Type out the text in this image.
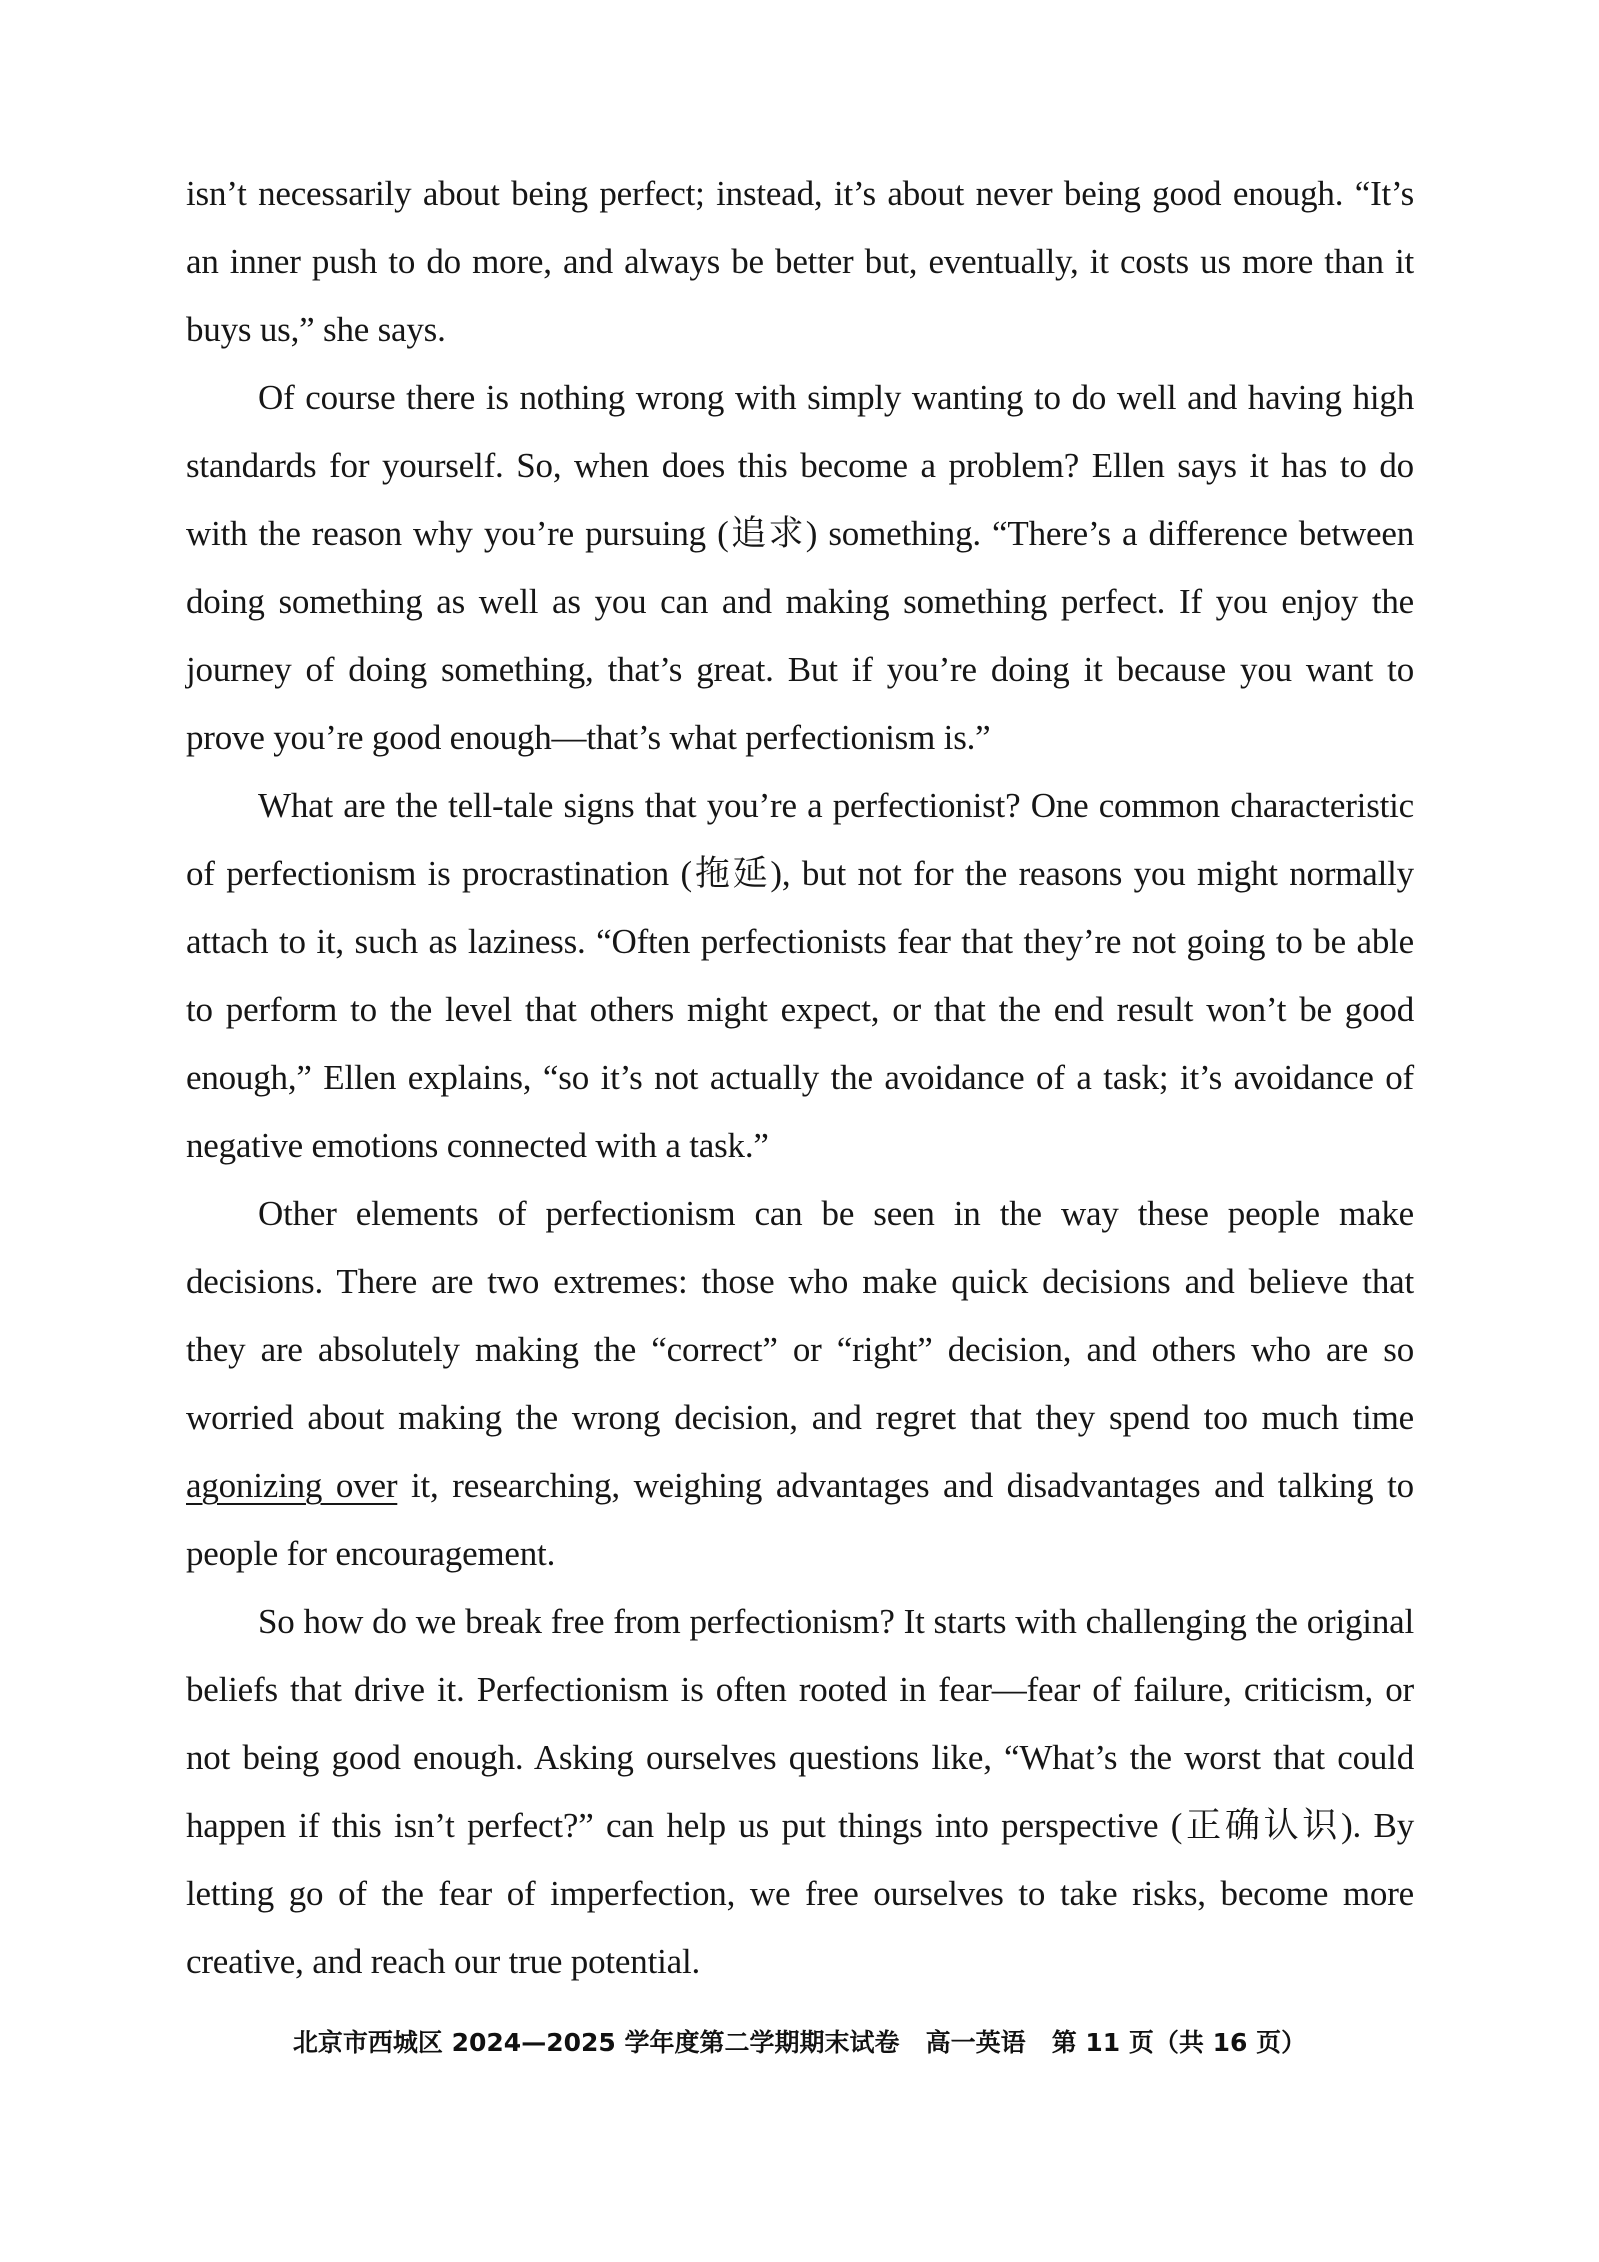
isn’t necessarily about being perfect; instead, it’s about never being good enough. “It’s an inner push to do more, and always be better but, eventually, it costs us more than it buys us,” she says.

Of course there is nothing wrong with simply wanting to do well and having high standards for yourself. So, when does this become a problem? Ellen says it has to do with the reason why you’re pursuing (追求) something. “There’s a difference between doing something as well as you can and making something perfect. If you enjoy the journey of doing something, that’s great. But if you’re doing it because you want to prove you’re good enough—that’s what perfectionism is.”

What are the tell-tale signs that you’re a perfectionist? One common characteristic of perfectionism is procrastination (拖延), but not for the reasons you might normally attach to it, such as laziness. “Often perfectionists fear that they’re not going to be able to perform to the level that others might expect, or that the end result won’t be good enough,” Ellen explains, “so it’s not actually the avoidance of a task; it’s avoidance of negative emotions connected with a task.”

Other elements of perfectionism can be seen in the way these people make decisions. There are two extremes: those who make quick decisions and believe that they are absolutely making the “correct” or “right” decision, and others who are so worried about making the wrong decision, and regret that they spend too much time agonizing over it, researching, weighing advantages and disadvantages and talking to people for encouragement.

So how do we break free from perfectionism? It starts with challenging the original beliefs that drive it. Perfectionism is often rooted in fear—fear of failure, criticism, or not being good enough. Asking ourselves questions like, “What’s the worst that could happen if this isn’t perfect?” can help us put things into perspective (正确认识). By letting go of the fear of imperfection, we free ourselves to take risks, become more creative, and reach our true potential.

北京市西城区 2024—2025 学年度第二学期期末试卷   高一英语   第 11 页（共 16 页）
